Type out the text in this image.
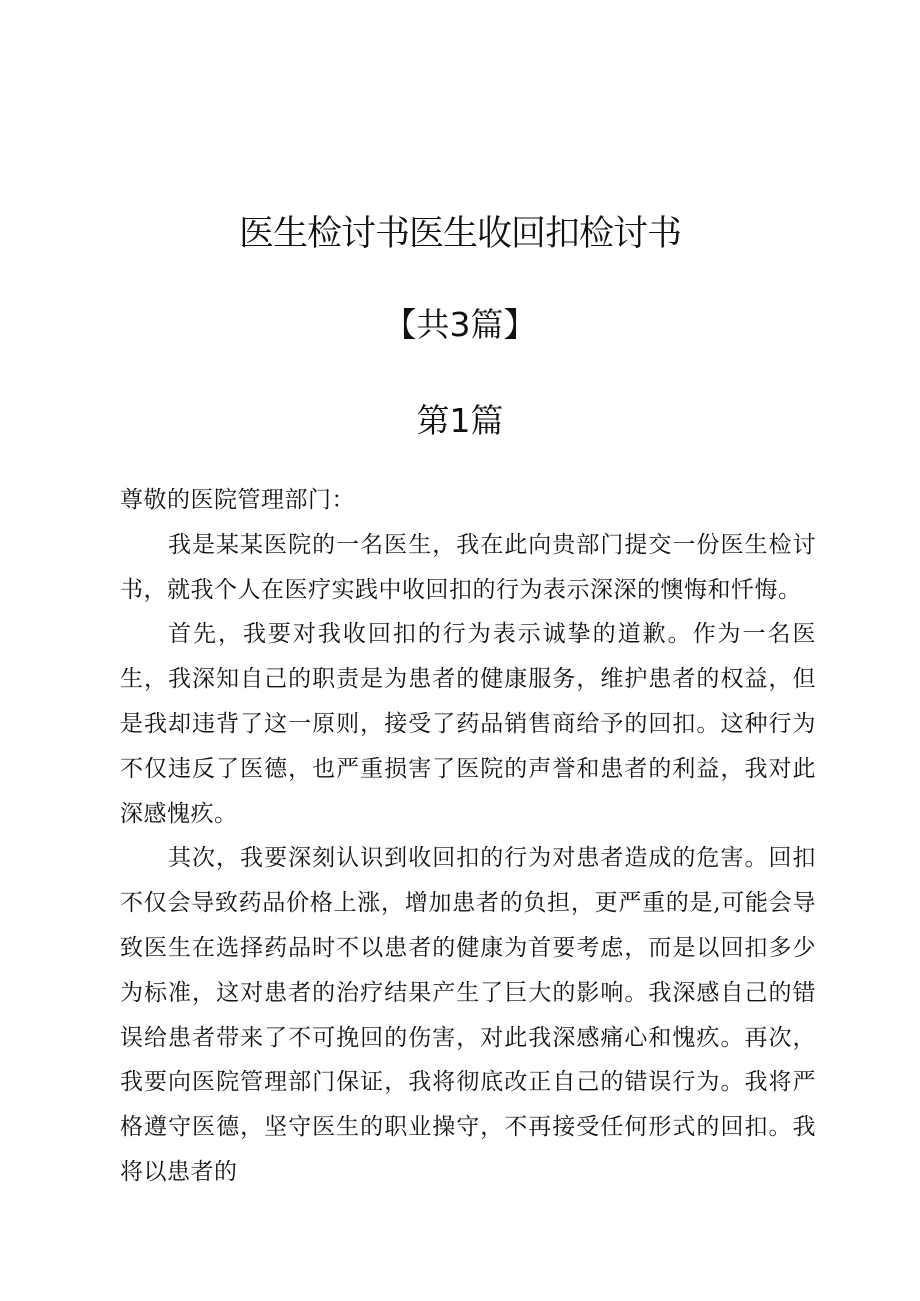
医生检讨书医生收回扣检讨书
【共3篇】
第1篇

尊敬的医院管理部门：

我是某某医院的一名医生，我在此向贵部门提交一份医生检讨书，就我个人在医疗实践中收回扣的行为表示深深的懊悔和忏悔。

首先，我要对我收回扣的行为表示诚挚的道歉。作为一名医生，我深知自己的职责是为患者的健康服务，维护患者的权益，但是我却违背了这一原则，接受了药品销售商给予的回扣。这种行为不仅违反了医德，也严重损害了医院的声誉和患者的利益，我对此深感愧疚。

其次，我要深刻认识到收回扣的行为对患者造成的危害。回扣不仅会导致药品价格上涨，增加患者的负担，更严重的是,可能会导致医生在选择药品时不以患者的健康为首要考虑，而是以回扣多少为标准，这对患者的治疗结果产生了巨大的影响。我深感自己的错误给患者带来了不可挽回的伤害，对此我深感痛心和愧疚。再次，我要向医院管理部门保证，我将彻底改正自己的错误行为。我将严格遵守医德，坚守医生的职业操守，不再接受任何形式的回扣。我将以患者的
